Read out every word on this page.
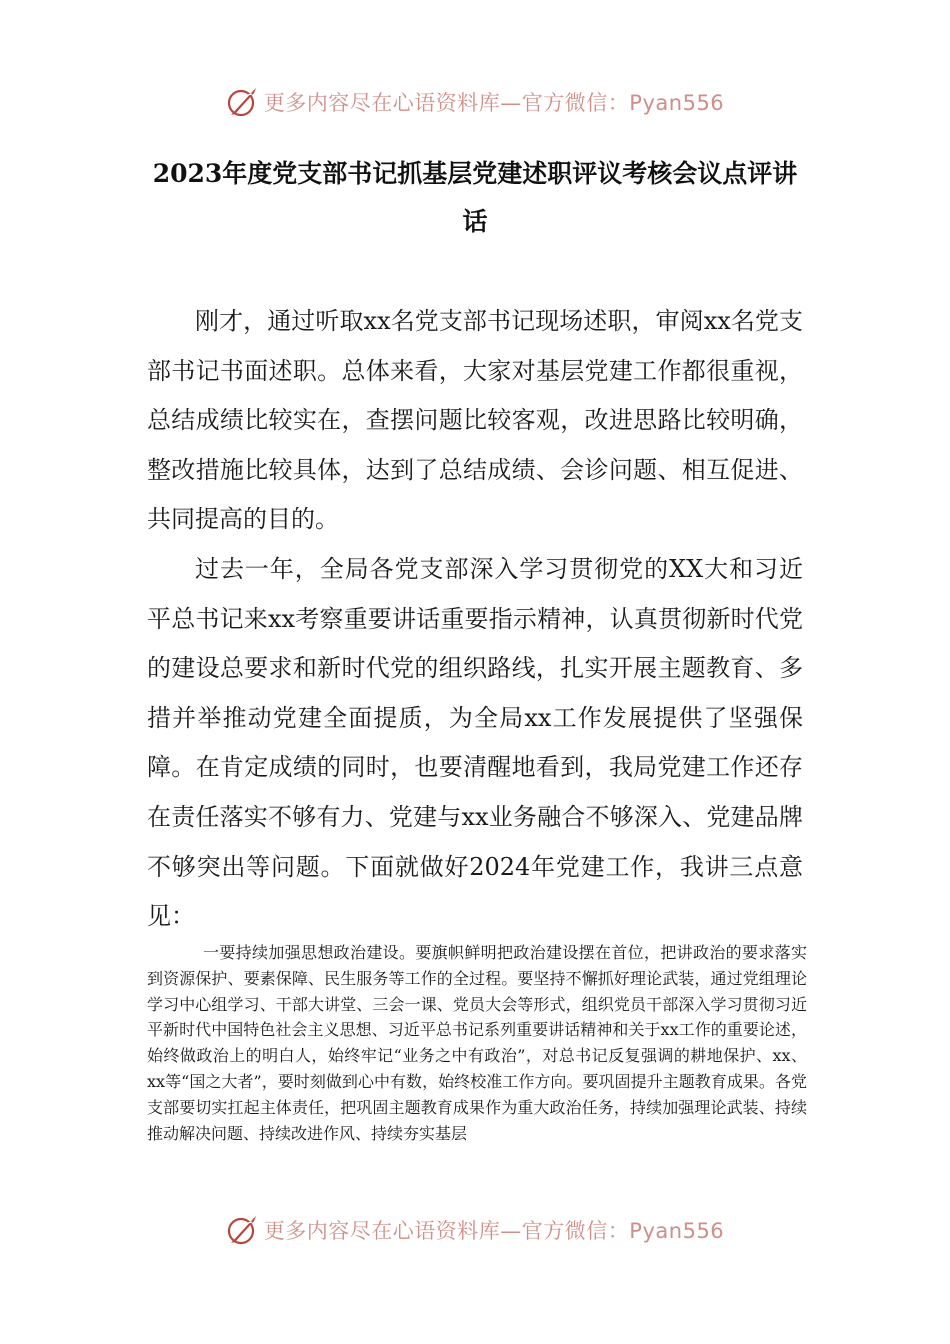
更多内容尽在心语资料库—官方微信：Pyan556
2023年度党支部书记抓基层党建述职评议考核会议点评讲话

刚才，通过听取xx名党支部书记现场述职，审阅xx名党支部书记书面述职。总体来看，大家对基层党建工作都很重视，总结成绩比较实在，查摆问题比较客观，改进思路比较明确，整改措施比较具体，达到了总结成绩、会诊问题、相互促进、共同提高的目的。

过去一年，全局各党支部深入学习贯彻党的XX大和习近平总书记来xx考察重要讲话重要指示精神，认真贯彻新时代党的建设总要求和新时代党的组织路线，扎实开展主题教育、多措并举推动党建全面提质，为全局xx工作发展提供了坚强保障。在肯定成绩的同时，也要清醒地看到，我局党建工作还存在责任落实不够有力、党建与xx业务融合不够深入、党建品牌不够突出等问题。下面就做好2024年党建工作，我讲三点意见：

一要持续加强思想政治建设。要旗帜鲜明把政治建设摆在首位，把讲政治的要求落实到资源保护、要素保障、民生服务等工作的全过程。要坚持不懈抓好理论武装，通过党组理论学习中心组学习、干部大讲堂、三会一课、党员大会等形式，组织党员干部深入学习贯彻习近平新时代中国特色社会主义思想、习近平总书记系列重要讲话精神和关于xx工作的重要论述，始终做政治上的明白人，始终牢记“业务之中有政治”，对总书记反复强调的耕地保护、xx、xx等“国之大者”，要时刻做到心中有数，始终校准工作方向。要巩固提升主题教育成果。各党支部要切实扛起主体责任，把巩固主题教育成果作为重大政治任务，持续加强理论武装、持续推动解决问题、持续改进作风、持续夯实基层

更多内容尽在心语资料库—官方微信：Pyan556
